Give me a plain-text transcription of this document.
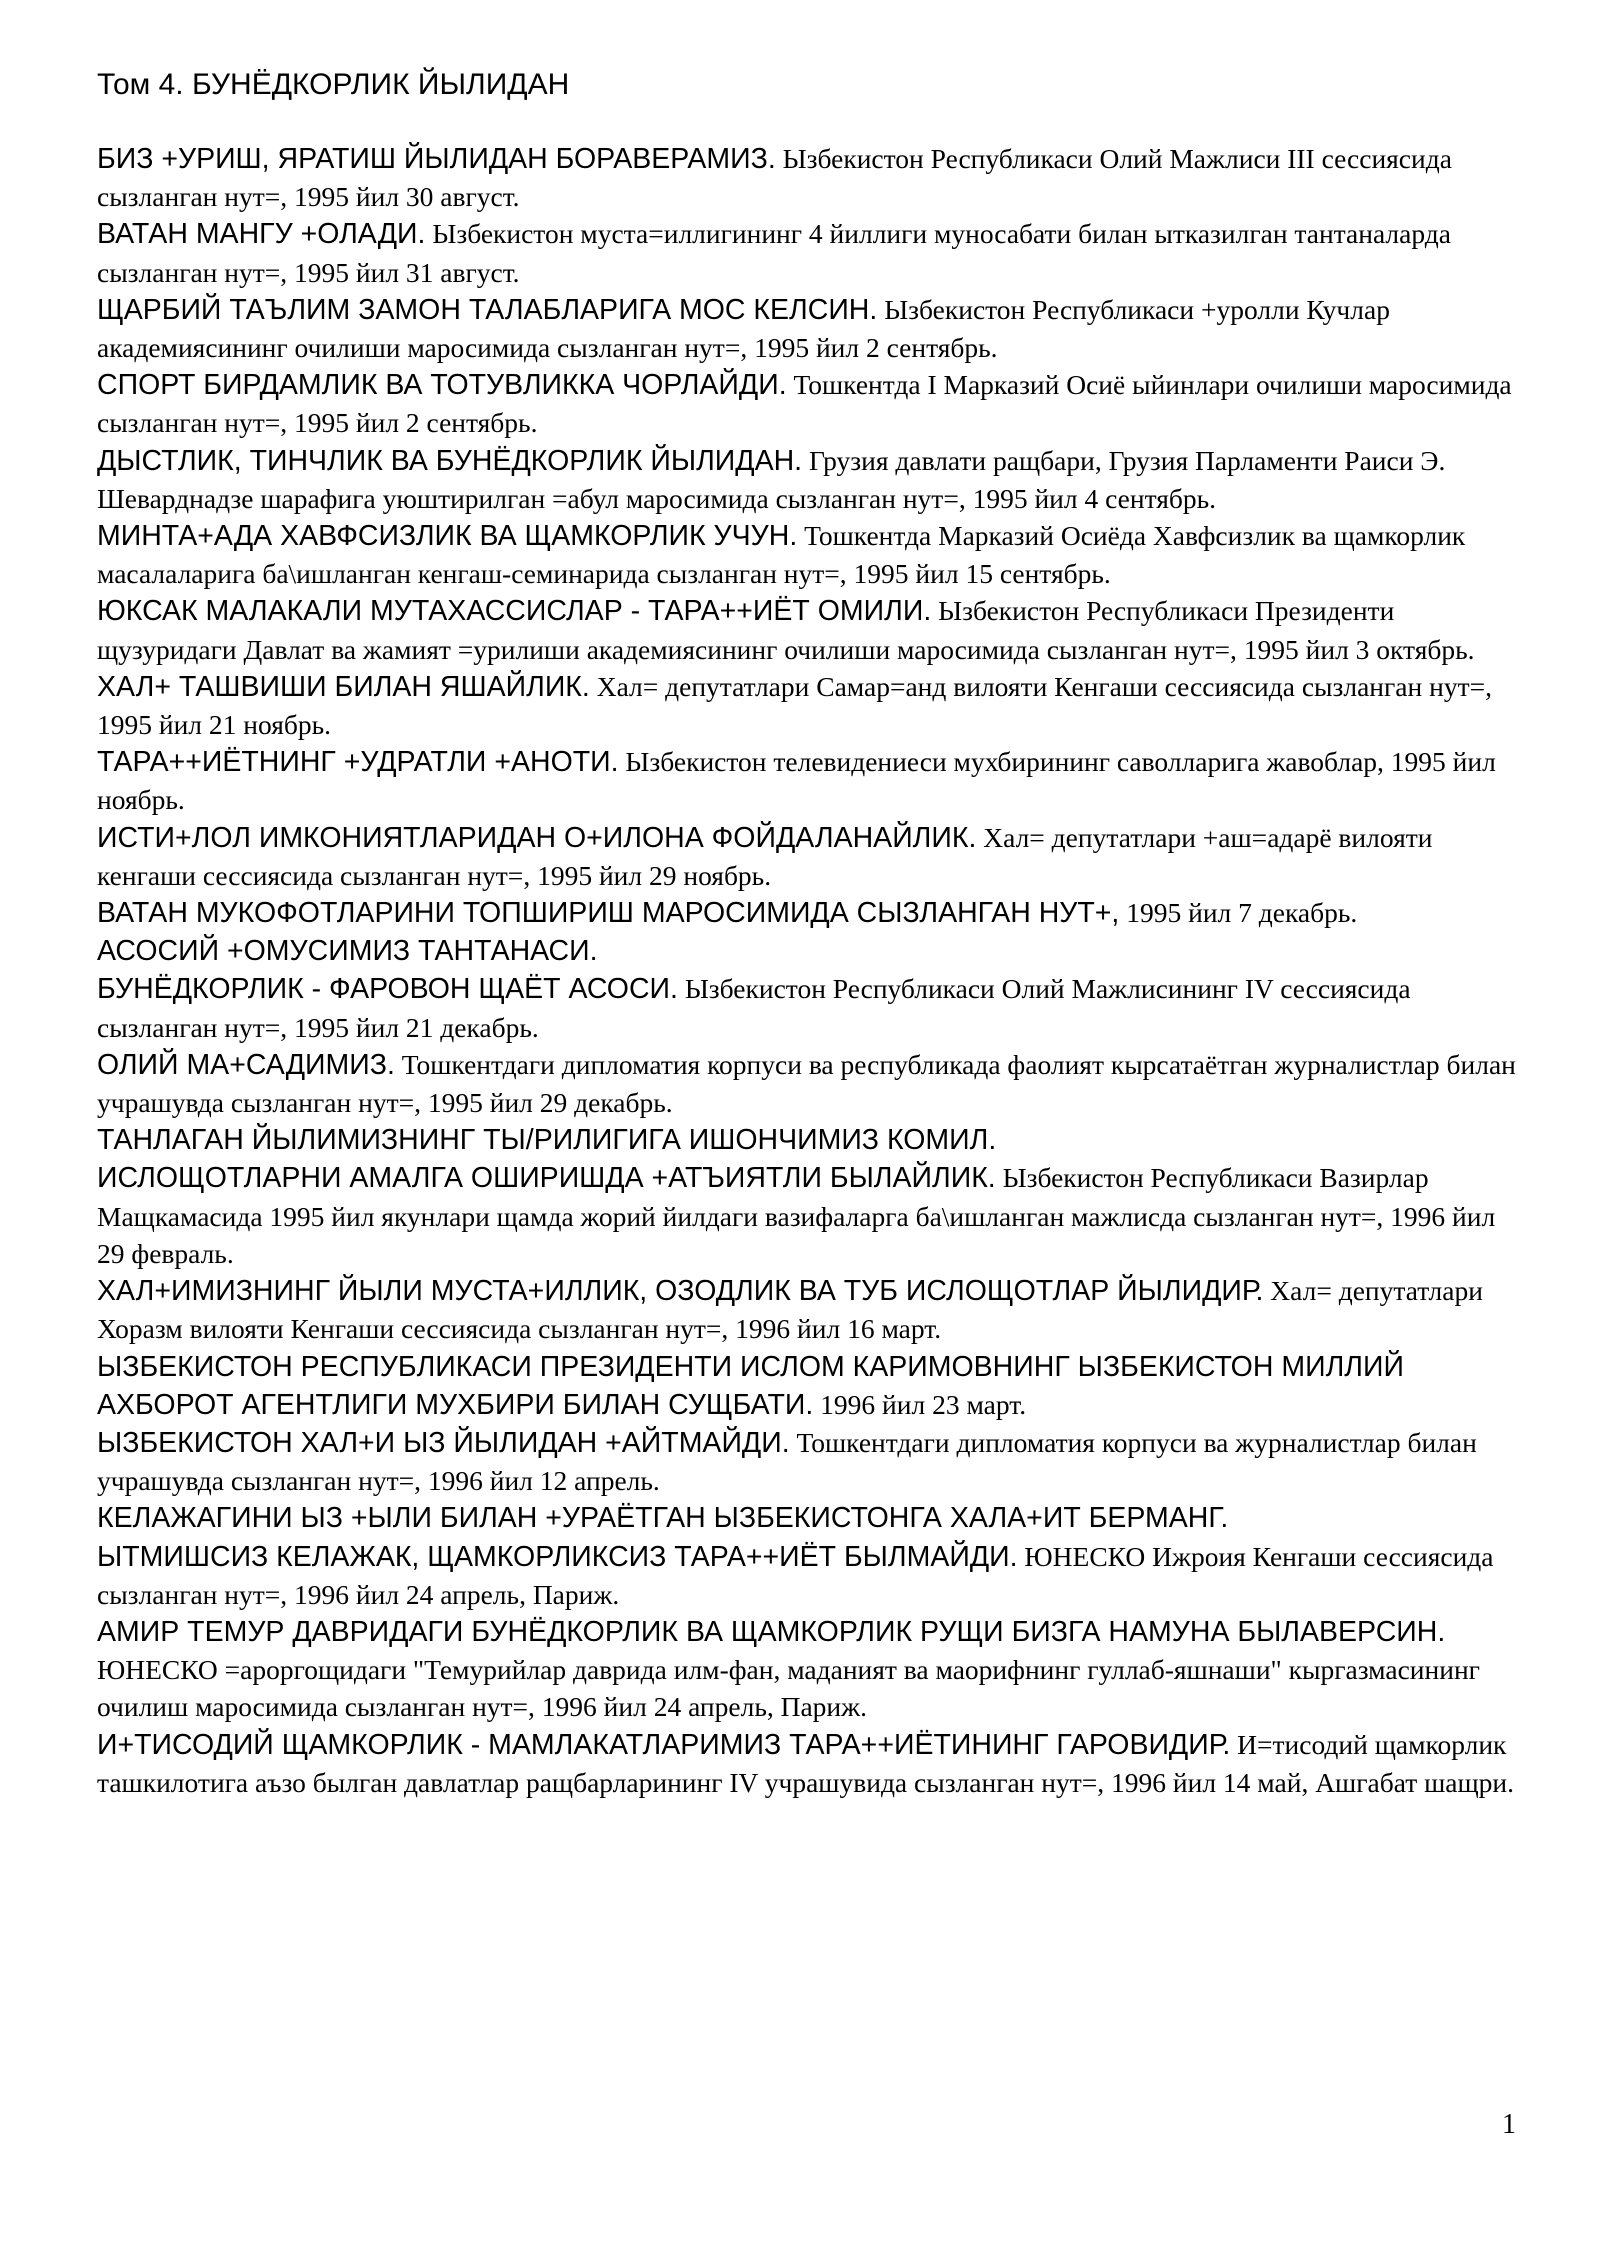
Том 4. БУНЁДКОРЛИК ЙЫЛИДАН

БИЗ +УРИШ, ЯРАТИШ ЙЫЛИДАН БОРАВЕРАМИЗ. Ызбекистон Республикаси Олий Мажлиси III сессиясида сызланган нут=, 1995 йил 30 август.

ВАТАН МАНГУ +ОЛАДИ. Ызбекистон муста=иллигининг 4 йиллиги муносабати билан ытказилган тантаналарда сызланган нут=, 1995 йил 31 август.

ЩАРБИЙ ТАЪЛИМ ЗАМОН ТАЛАБЛАРИГА МОС КЕЛСИН. Ызбекистон Республикаси +уролли Кучлар академиясининг очилиши маросимида сызланган нут=, 1995 йил 2 сентябрь.

СПОРТ БИРДАМЛИК ВА ТОТУВЛИККА ЧОРЛАЙДИ. Тошкентда I Марказий Осиё ыйинлари очилиши маросимида сызланган нут=, 1995 йил 2 сентябрь.

ДЫСТЛИК, ТИНЧЛИК ВА БУНЁДКОРЛИК ЙЫЛИДАН. Грузия давлати ращбари, Грузия Парламенти Раиси Э. Шеварднадзе шарафига уюштирилган =абул маросимида сызланган нут=, 1995 йил 4 сентябрь.

МИНТА+АДА ХАВФСИЗЛИК ВА ЩАМКОРЛИК УЧУН. Тошкентда Марказий Осиёда Хавфсизлик ва щамкорлик масалаларига ба\ишланган кенгаш-семинарида сызланган нут=, 1995 йил 15 сентябрь.

ЮКСАК МАЛАКАЛИ МУТАХАССИСЛАР - ТАРА++ИЁТ ОМИЛИ. Ызбекистон Республикаси Президенти щузуридаги Давлат ва жамият =урилиши академиясининг очилиши маросимида сызланган нут=, 1995 йил 3 октябрь.

ХАЛ+ ТАШВИШИ БИЛАН ЯШАЙЛИК. Хал= депутатлари Самар=анд вилояти Кенгаши сессиясида сызланган нут=, 1995 йил 21 ноябрь.

ТАРА++ИЁТНИНГ +УДРАТЛИ +АНОТИ. Ызбекистон телевидениеси мухбирининг саволларига жавоблар, 1995 йил ноябрь.

ИСТИ+ЛОЛ ИМКОНИЯТЛАРИДАН О+ИЛОНА ФОЙДАЛАНАЙЛИК. Хал= депутатлари +аш=адарё вилояти кенгаши сессиясида сызланган нут=, 1995 йил 29 ноябрь.

ВАТАН МУКОФОТЛАРИНИ ТОПШИРИШ МАРОСИМИДА СЫЗЛАНГАН НУТ+, 1995 йил 7 декабрь.

АСОСИЙ +ОМУСИМИЗ ТАНТАНАСИ.

БУНЁДКОРЛИК - ФАРОВОН ЩАЁТ АСОСИ. Ызбекистон Республикаси Олий Мажлисининг IV сессиясида сызланган нут=, 1995 йил 21 декабрь.

ОЛИЙ МА+САДИМИЗ. Тошкентдаги дипломатия корпуси ва республикада фаолият кырсатаётган журналистлар билан учрашувда сызланган нут=, 1995 йил 29 декабрь.

ТАНЛАГАН ЙЫЛИМИЗНИНГ ТЫ/РИЛИГИГА ИШОНЧИМИЗ КОМИЛ.

ИСЛОЩОТЛАРНИ АМАЛГА ОШИРИШДА +АТЪИЯТЛИ БЫЛАЙЛИК. Ызбекистон Республикаси Вазирлар Мащкамасида 1995 йил якунлари щамда жорий йилдаги вазифаларга ба\ишланган мажлисда сызланган нут=, 1996 йил 29 февраль.

ХАЛ+ИМИЗНИНГ ЙЫЛИ МУСТА+ИЛЛИК, ОЗОДЛИК ВА ТУБ ИСЛОЩОТЛАР ЙЫЛИДИР. Хал= депутатлари Хоразм вилояти Кенгаши сессиясида сызланган нут=, 1996 йил 16 март.

ЫЗБЕКИСТОН РЕСПУБЛИКАСИ ПРЕЗИДЕНТИ ИСЛОМ КАРИМОВНИНГ ЫЗБЕКИСТОН МИЛЛИЙ АХБОРОТ АГЕНТЛИГИ МУХБИРИ БИЛАН СУЩБАТИ. 1996 йил 23 март.

ЫЗБЕКИСТОН ХАЛ+И ЫЗ ЙЫЛИДАН +АЙТМАЙДИ. Тошкентдаги дипломатия корпуси ва журналистлар билан учрашувда сызланган нут=, 1996 йил 12 апрель.

КЕЛАЖАГИНИ ЫЗ +ЫЛИ БИЛАН +УРАЁТГАН ЫЗБЕКИСТОНГА ХАЛА+ИТ БЕРМАНГ.

ЫТМИШСИЗ КЕЛАЖАК, ЩАМКОРЛИКСИЗ ТАРА++ИЁТ БЫЛМАЙДИ. ЮНЕСКО Ижроия Кенгаши сессиясида сызланган нут=, 1996 йил 24 апрель, Париж.

АМИР ТЕМУР ДАВРИДАГИ БУНЁДКОРЛИК ВА ЩАМКОРЛИК РУЩИ БИЗГА НАМУНА БЫЛАВЕРСИН. ЮНЕСКО =ароргощидаги "Темурийлар даврида илм-фан, маданият ва маорифнинг гуллаб-яшнаши" кыргазмасининг очилиш маросимида сызланган нут=, 1996 йил 24 апрель, Париж.

И+ТИСОДИЙ ЩАМКОРЛИК - МАМЛАКАТЛАРИМИЗ ТАРА++ИЁТИНИНГ ГАРОВИДИР. И=тисодий щамкорлик ташкилотига аъзо былган давлатлар ращбарларининг IV учрашувида сызланган нут=, 1996 йил 14 май, Ашгабат шащри.

1
